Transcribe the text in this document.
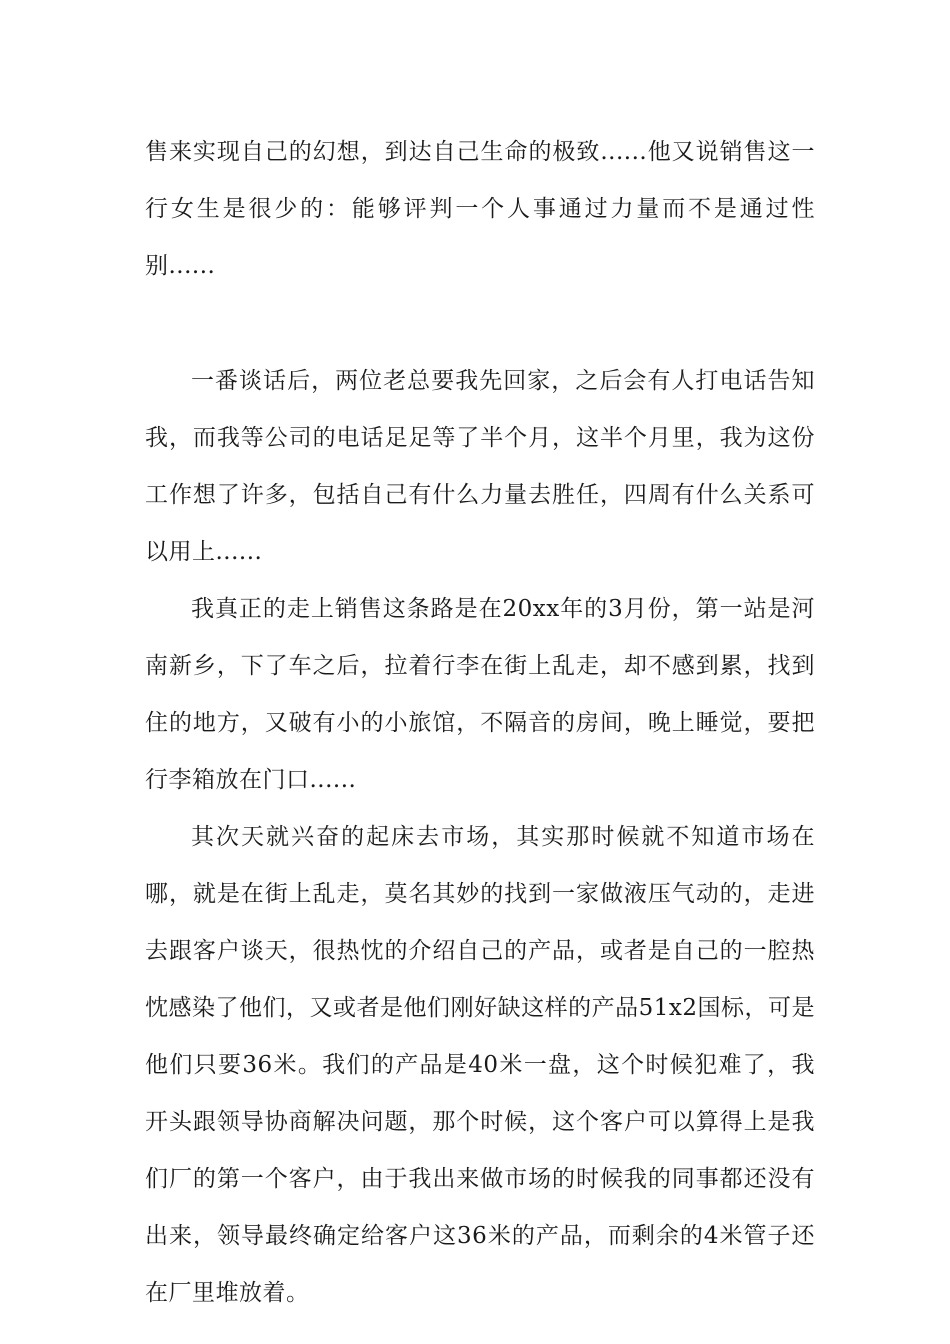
售来实现自己的幻想，到达自己生命的极致......他又说销售这一行女生是很少的：能够评判一个人事通过力量而不是通过性别......

一番谈话后，两位老总要我先回家，之后会有人打电话告知我，而我等公司的电话足足等了半个月，这半个月里，我为这份工作想了许多，包括自己有什么力量去胜任，四周有什么关系可以用上......

我真正的走上销售这条路是在20xx年的3月份，第一站是河南新乡，下了车之后，拉着行李在街上乱走，却不感到累，找到住的地方，又破有小的小旅馆，不隔音的房间，晚上睡觉，要把行李箱放在门口......

其次天就兴奋的起床去市场，其实那时候就不知道市场在哪，就是在街上乱走，莫名其妙的找到一家做液压气动的，走进去跟客户谈天，很热忱的介绍自己的产品，或者是自己的一腔热忱感染了他们，又或者是他们刚好缺这样的产品51x2国标，可是他们只要36米。我们的产品是40米一盘，这个时候犯难了，我开头跟领导协商解决问题，那个时候，这个客户可以算得上是我们厂的第一个客户，由于我出来做市场的时候我的同事都还没有出来，领导最终确定给客户这36米的产品，而剩余的4米管子还在厂里堆放着。
